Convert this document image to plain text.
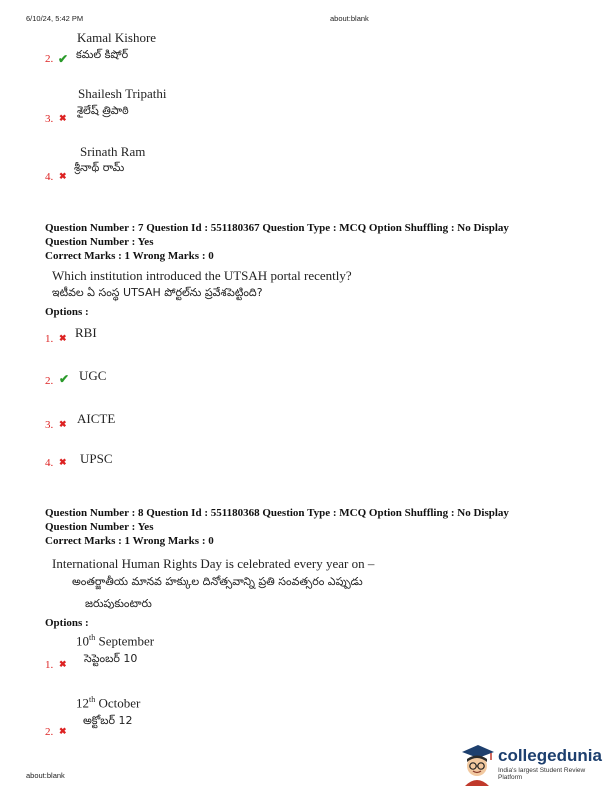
6/10/24, 5:42 PM	about:blank
Kamal Kishore
కమల్ కిషోర్
2. ✔
Shailesh Tripathi
శైలేష్ త్రిపాఠి
3. ✖
Srinath Ram
శ్రీనాథ్ రామ్
4. ✖
Question Number : 7 Question Id : 551180367 Question Type : MCQ Option Shuffling : No Display
Question Number : Yes
Correct Marks : 1 Wrong Marks : 0
Which institution introduced the UTSAH portal recently?
ఇటీవల ఏ సంస్థ UTSAH పోర్టల్‌ను ప్రవేశపెట్టింది?
Options :
1. ✖ RBI
2. ✔ UGC
3. ✖ AICTE
4. ✖ UPSC
Question Number : 8 Question Id : 551180368 Question Type : MCQ Option Shuffling : No Display
Question Number : Yes
Correct Marks : 1 Wrong Marks : 0
International Human Rights Day is celebrated every year on –
అంతర్జాతీయ మానవ హక్కుల దినోత్సవాన్ని ప్రతి సంవత్సరం ఎప్పుడు
జరుపుకుంటారు
Options :
10th September
సెప్టెంబర్ 10
1. ✖
12th October
అక్టోబర్ 12
2. ✖
about:blank
collegedunia
India's largest Student Review Platform
